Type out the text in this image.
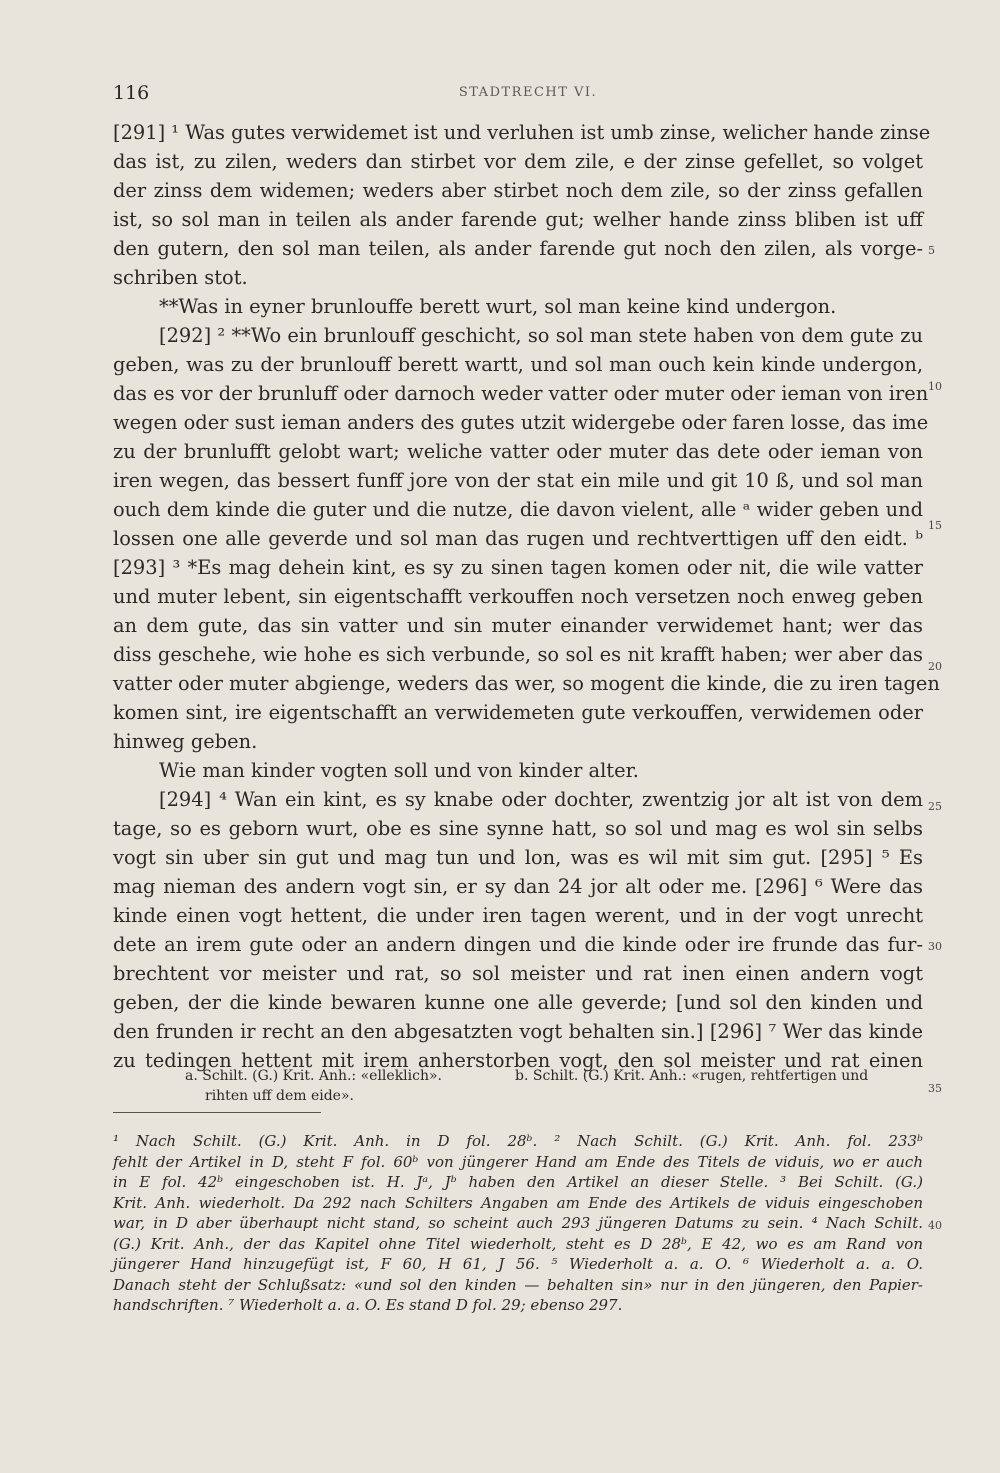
116	STADTRECHT VI.
[291] ¹ Was gutes verwidemet ist und verluhen ist umb zinse, welicher hande zinse
das ist, zu zilen, weders dan stirbet vor dem zile, e der zinse gefellet, so volget
der zinss dem widemen; weders aber stirbet noch dem zile, so der zinss gefallen
ist, so sol man in teilen als ander farende gut; welher hande zinss bliben ist uff
den gutern, den sol man teilen, als ander farende gut noch den zilen, als vorge-
schriben stot.
**Was in eyner brunlouffe berett wurt, sol man keine kind undergon.
[292] ² **Wo ein brunlouff geschicht, so sol man stete haben von dem gute zu
geben, was zu der brunlouff berett wartt, und sol man ouch kein kinde undergon,
das es vor der brunluff oder darnoch weder vatter oder muter oder ieman von iren
wegen oder sust ieman anders des gutes utzit widergebe oder faren losse, das ime
zu der brunlufft gelobt wart; weliche vatter oder muter das dete oder ieman von
iren wegen, das bessert funff jore von der stat ein mile und git 10 ß, und sol man
ouch dem kinde die guter und die nutze, die davon vielent, alle ᵃ wider geben und
lossen one alle geverde und sol man das rugen und rechtverttigen uff den eidt. ᵇ
[293] ³ *Es mag dehein kint, es sy zu sinen tagen komen oder nit, die wile vatter
und muter lebent, sin eigentschafft verkouffen noch versetzen noch enweg geben
an dem gute, das sin vatter und sin muter einander verwidemet hant; wer das
diss geschehe, wie hohe es sich verbunde, so sol es nit krafft haben; wer aber das
vatter oder muter abgienge, weders das wer, so mogent die kinde, die zu iren tagen
komen sint, ire eigentschafft an verwidemeten gute verkouffen, verwidemen oder
hinweg geben.
Wie man kinder vogten soll und von kinder alter.
[294] ⁴ Wan ein kint, es sy knabe oder dochter, zwentzig jor alt ist von dem
tage, so es geborn wurt, obe es sine synne hatt, so sol und mag es wol sin selbs
vogt sin uber sin gut und mag tun und lon, was es wil mit sim gut. [295] ⁵ Es
mag nieman des andern vogt sin, er sy dan 24 jor alt oder me. [296] ⁶ Were das
kinde einen vogt hettent, die under iren tagen werent, und in der vogt unrecht
dete an irem gute oder an andern dingen und die kinde oder ire frunde das fur-
brechtent vor meister und rat, so sol meister und rat inen einen andern vogt
geben, der die kinde bewaren kunne one alle geverde; [und sol den kinden und
den frunden ir recht an den abgesatzten vogt behalten sin.] [296] ⁷ Wer das kinde
zu tedingen hettent mit irem anherstorben vogt, den sol meister und rat einen
5
10
15
20
25
30
35
40
a. Schilt. (G.) Krit. Anh.: «elleklich».	b. Schilt. (G.) Krit. Anh.: «rugen, rehtfertigen und
rihten uff dem eide».
¹ Nach Schilt. (G.) Krit. Anh. in D fol. 28ᵇ. ² Nach Schilt. (G.) Krit. Anh. fol. 233ᵇ
fehlt der Artikel in D, steht F fol. 60ᵇ von jüngerer Hand am Ende des Titels de viduis, wo er auch
in E fol. 42ᵇ eingeschoben ist. H. Jᵃ, Jᵇ haben den Artikel an dieser Stelle. ³ Bei Schilt. (G.)
Krit. Anh. wiederholt. Da 292 nach Schilters Angaben am Ende des Artikels de viduis eingeschoben
war, in D aber überhaupt nicht stand, so scheint auch 293 jüngeren Datums zu sein. ⁴ Nach Schilt.
(G.) Krit. Anh., der das Kapitel ohne Titel wiederholt, steht es D 28ᵇ, E 42, wo es am Rand von
jüngerer Hand hinzugefügt ist, F 60, H 61, J 56. ⁵ Wiederholt a. a. O. ⁶ Wiederholt a. a. O.
Danach steht der Schlußsatz: «und sol den kinden — behalten sin» nur in den jüngeren, den Papier-
handschriften. ⁷ Wiederholt a. a. O. Es stand D fol. 29; ebenso 297.
